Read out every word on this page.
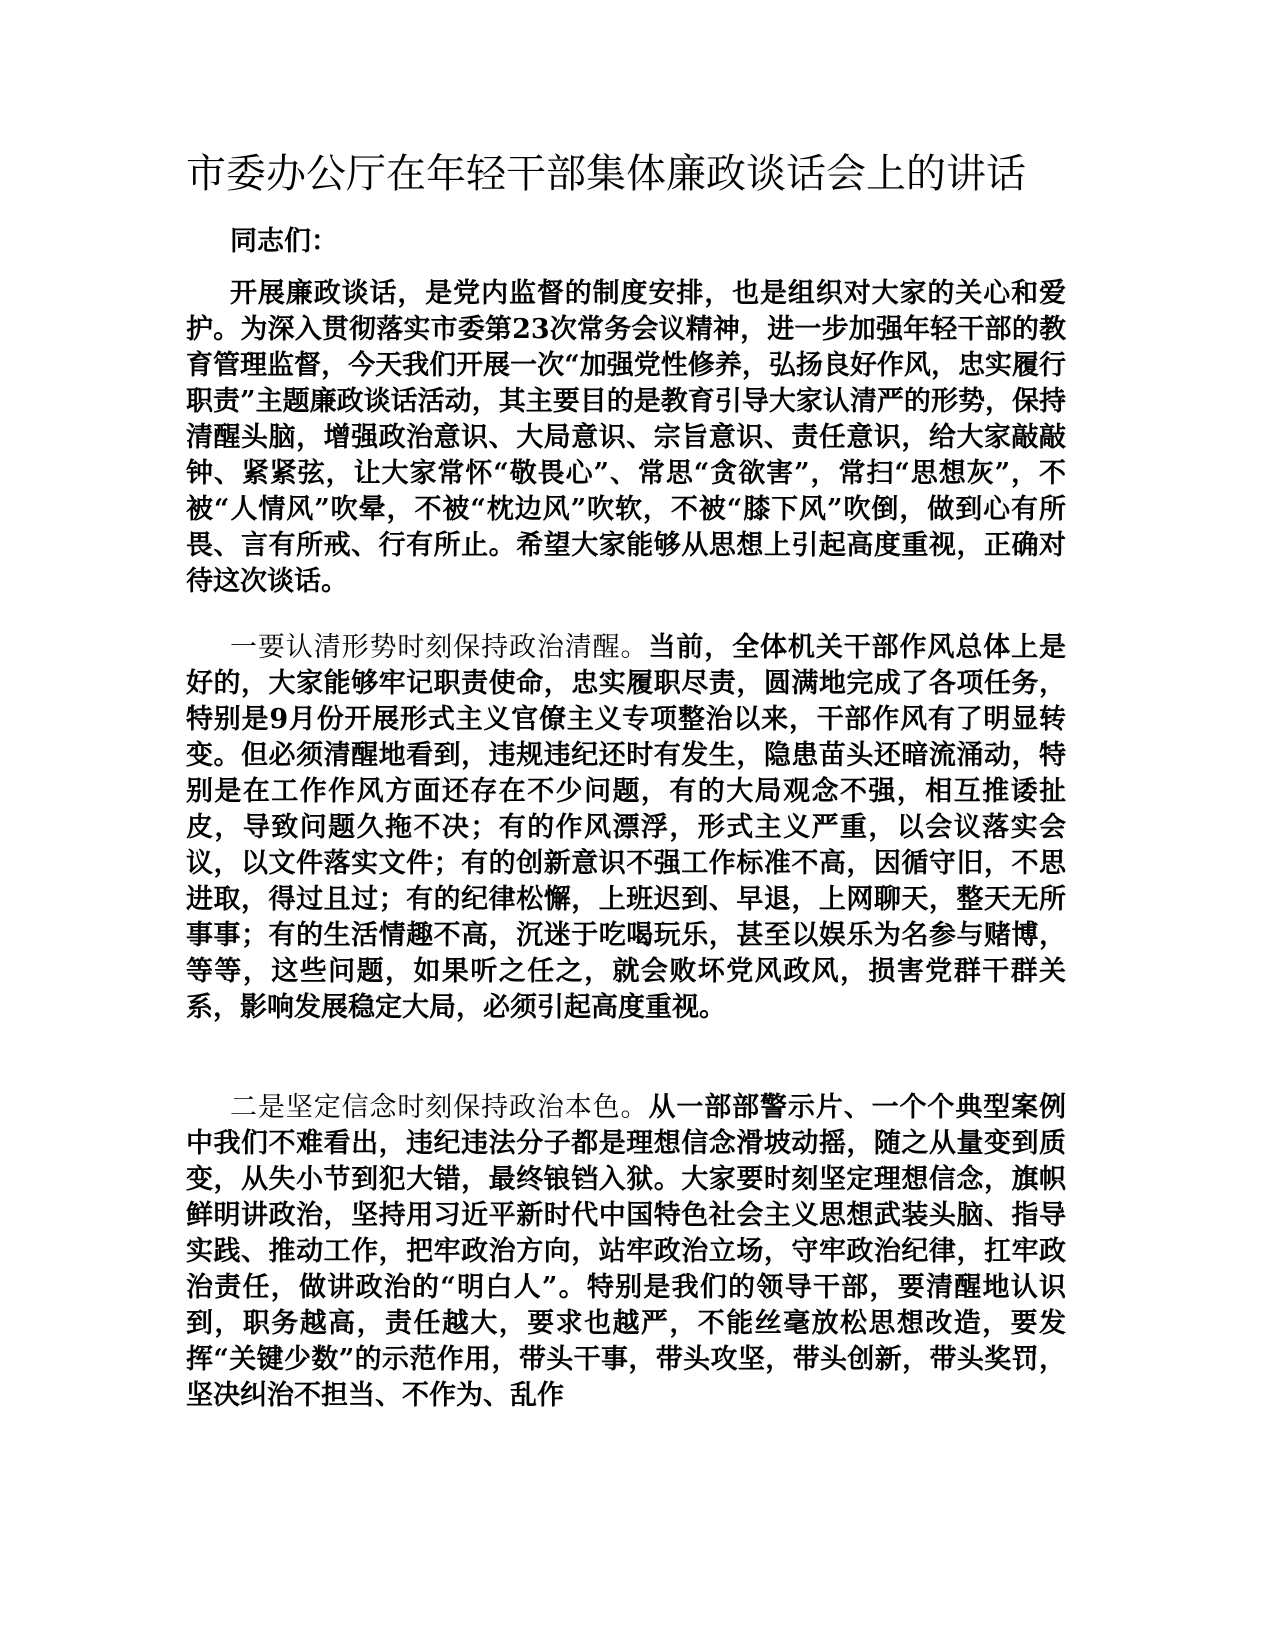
市委办公厅在年轻干部集体廉政谈话会上的讲话

同志们：

开展廉政谈话，是党内监督的制度安排，也是组织对大家的关心和爱护。为深入贯彻落实市委第23次常务会议精神，进一步加强年轻干部的教育管理监督，今天我们开展一次“加强党性修养，弘扬良好作风，忠实履行职责”主题廉政谈话活动，其主要目的是教育引导大家认清严的形势，保持清醒头脑，增强政治意识、大局意识、宗旨意识、责任意识，给大家敲敲钟、紧紧弦，让大家常怀“敬畏心”、常思“贪欲害”，常扫“思想灰”，不被“人情风”吹晕，不被“枕边风”吹软，不被“膝下风”吹倒，做到心有所畏、言有所戒、行有所止。希望大家能够从思想上引起高度重视，正确对待这次谈话。

一要认清形势时刻保持政治清醒。当前，全体机关干部作风总体上是好的，大家能够牢记职责使命，忠实履职尽责，圆满地完成了各项任务，特别是9月份开展形式主义官僚主义专项整治以来，干部作风有了明显转变。但必须清醒地看到，违规违纪还时有发生，隐患苗头还暗流涌动，特别是在工作作风方面还存在不少问题，有的大局观念不强，相互推诿扯皮，导致问题久拖不决；有的作风漂浮，形式主义严重，以会议落实会议，以文件落实文件；有的创新意识不强工作标准不高，因循守旧，不思进取，得过且过；有的纪律松懈，上班迟到、早退，上网聊天，整天无所事事；有的生活情趣不高，沉迷于吃喝玩乐，甚至以娱乐为名参与赌博，等等，这些问题，如果听之任之，就会败坏党风政风，损害党群干群关系，影响发展稳定大局，必须引起高度重视。

二是坚定信念时刻保持政治本色。从一部部警示片、一个个典型案例中我们不难看出，违纪违法分子都是理想信念滑坡动摇，随之从量变到质变，从失小节到犯大错，最终锒铛入狱。大家要时刻坚定理想信念，旗帜鲜明讲政治，坚持用习近平新时代中国特色社会主义思想武装头脑、指导实践、推动工作，把牢政治方向，站牢政治立场，守牢政治纪律，扛牢政治责任，做讲政治的“明白人”。特别是我们的领导干部，要清醒地认识到，职务越高，责任越大，要求也越严，不能丝毫放松思想改造，要发挥“关键少数”的示范作用，带头干事，带头攻坚，带头创新，带头奖罚，坚决纠治不担当、不作为、乱作
